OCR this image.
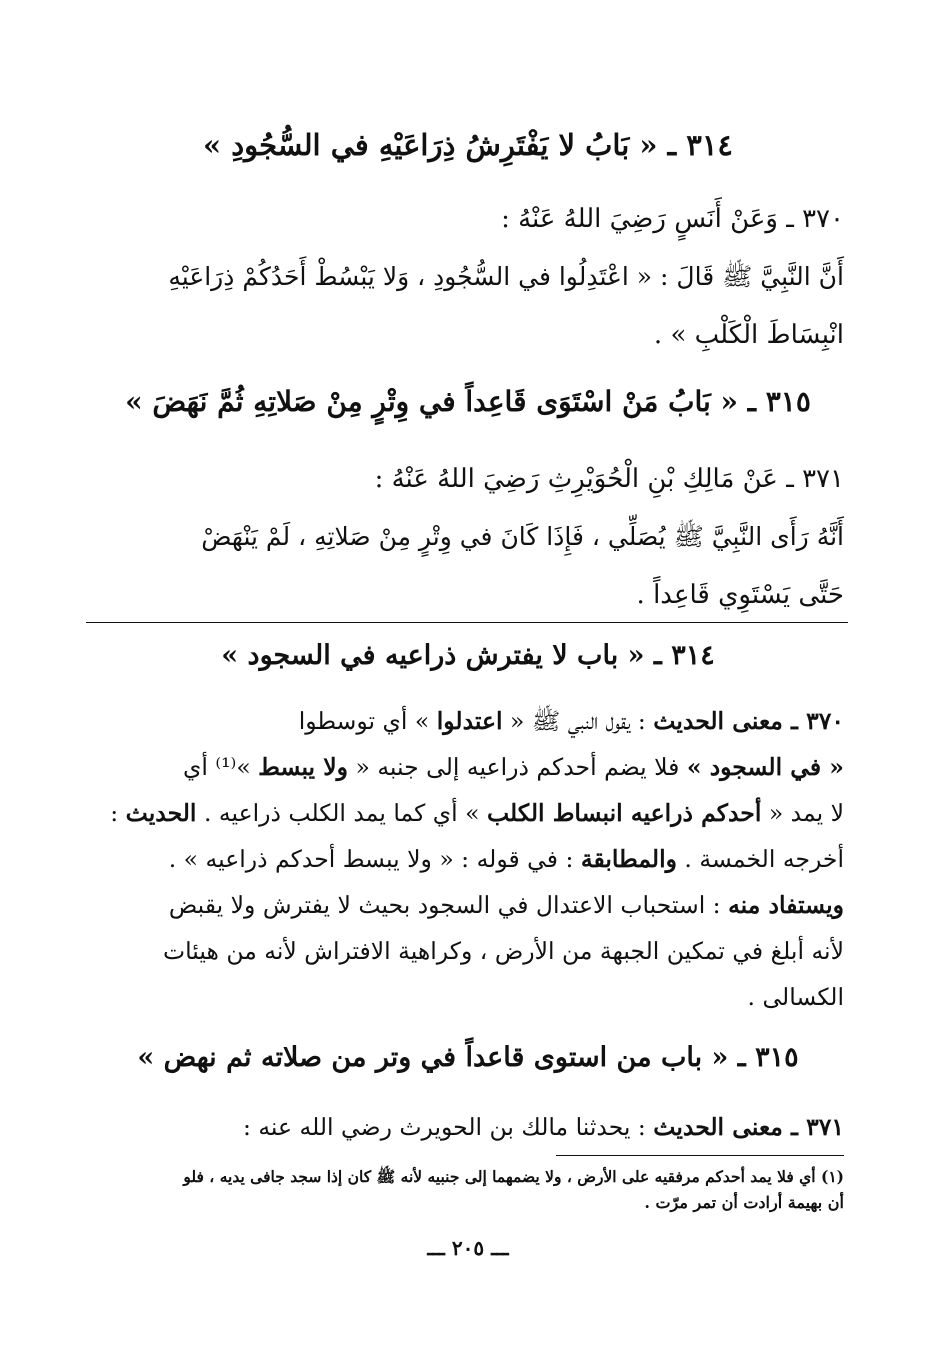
٣١٤ ـ « بَابُ لا يَفْتَرِشُ ذِرَاعَيْهِ في السُّجُودِ »
٣٧٠ ـ وَعَنْ أَنَسٍ رَضِيَ اللهُ عَنْهُ :
أَنَّ النَّبِيَّ ﷺ قَالَ : « اعْتَدِلُوا في السُّجُودِ ، وَلا يَبْسُطْ أَحَدُكُمْ ذِرَاعَيْهِ
انْبِسَاطَ الْكَلْبِ » .
٣١٥ ـ « بَابُ مَنْ اسْتَوَى قَاعِداً في وِتْرٍ مِنْ صَلاتِهِ ثُمَّ نَهَضَ »
٣٧١ ـ عَنْ مَالِكِ بْنِ الْحُوَيْرِثِ رَضِيَ اللهُ عَنْهُ :
أَنَّهُ رَأَى النَّبِيَّ ﷺ يُصَلِّي ، فَإِذَا كَانَ في وِتْرٍ مِنْ صَلاتِهِ ، لَمْ يَنْهَضْ
حَتَّى يَسْتَوِي قَاعِداً .
٣١٤ ـ « باب لا يفترش ذراعيه في السجود »
٣٧٠ ـ معنى الحديث : يقول النبي ﷺ « اعتدلوا » أي توسطوا
« في السجود » فلا يضم أحدكم ذراعيه إلى جنبه « ولا يبسط »⁽¹⁾ أي
لا يمد « أحدكم ذراعيه انبساط الكلب » أي كما يمد الكلب ذراعيه . الحديث :
أخرجه الخمسة . والمطابقة : في قوله : « ولا يبسط أحدكم ذراعيه » .
ويستفاد منه : استحباب الاعتدال في السجود بحيث لا يفترش ولا يقبض
لأنه أبلغ في تمكين الجبهة من الأرض ، وكراهية الافتراش لأنه من هيئات
الكسالى .
٣١٥ ـ « باب من استوى قاعداً في وتر من صلاته ثم نهض »
٣٧١ ـ معنى الحديث : يحدثنا مالك بن الحويرث رضي الله عنه :
(١) أي فلا يمد أحدكم مرفقيه على الأرض ، ولا يضمهما إلى جنبيه لأنه ﷺ كان إذا سجد جافى يديه ، فلو
أن بهيمة أرادت أن تمر مرّت .
ـــ ٢٠٥ ـــ
